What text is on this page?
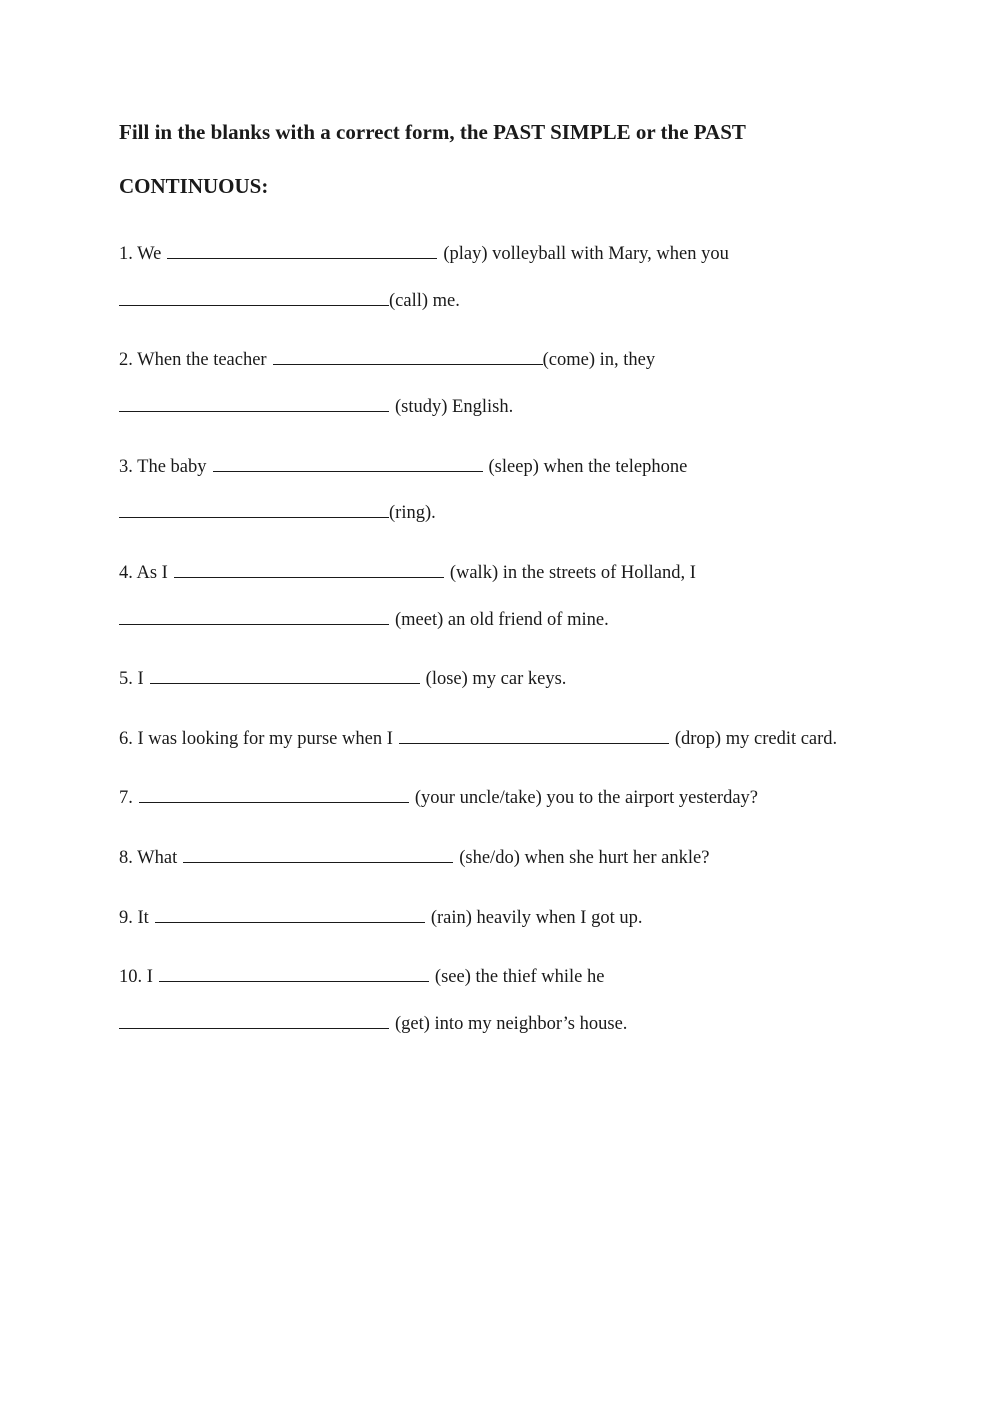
Fill in the blanks with a correct form, the PAST SIMPLE or the PAST
CONTINUOUS:
1. We	(play) volleyball with Mary, when you
(call) me.
2. When the teacher	(come) in, they
(study) English.
3. The baby	(sleep) when the telephone
(ring).
4. As I	(walk) in the streets of Holland, I
(meet) an old friend of mine.
5. I	(lose) my car keys.
6. I was looking for my purse when I	(drop) my credit card.
7.	(your uncle/take) you to the airport yesterday?
8. What	(she/do) when she hurt her ankle?
9. It	(rain) heavily when I got up.
10. I	(see) the thief while he
(get) into my neighbor’s house.
